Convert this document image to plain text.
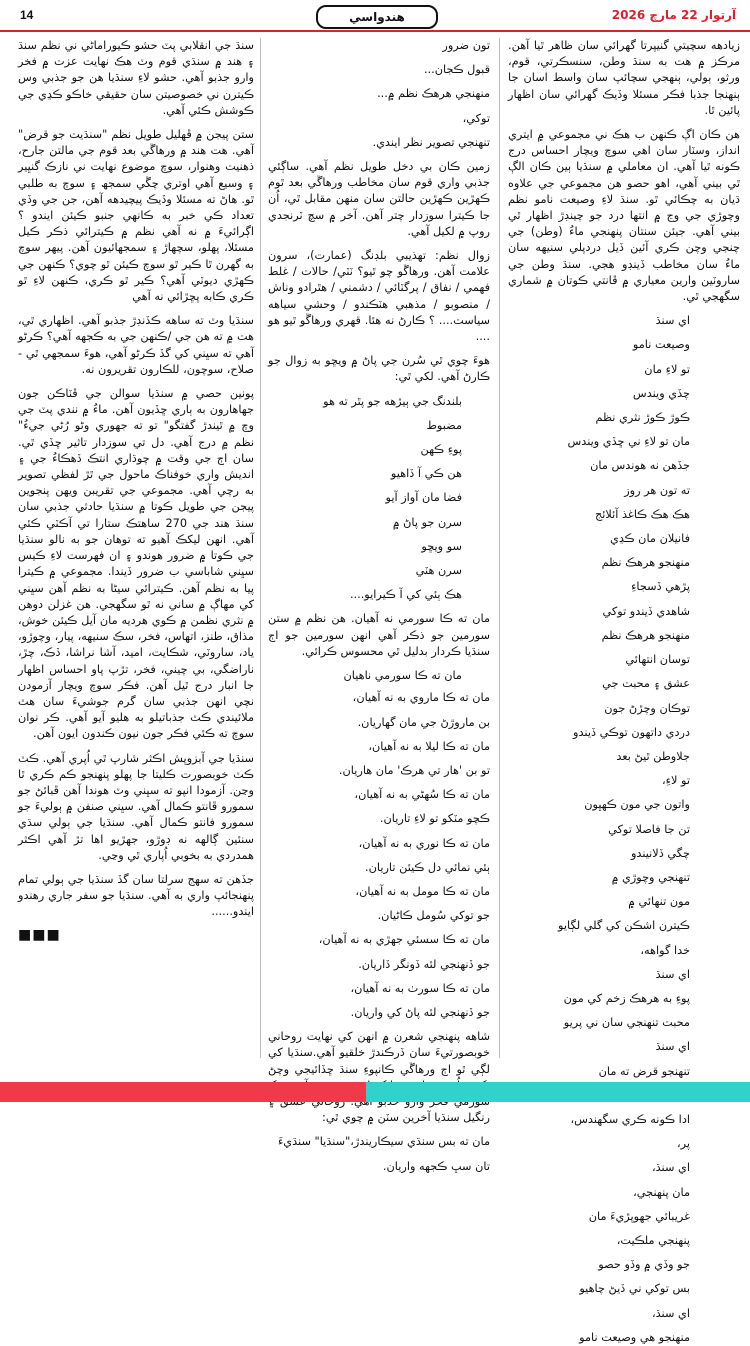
14	هندواسي	آرتوار 22 مارچ 2026

زيادهه سچيتي گنيپرتا گهرائي سان ظاهر ٿيا آهن. مرڪز ۾ هت به سنڌ وطن، سنسڪرتي، قوم، ورثو، ٻولي، ٻنهجي سچائپ سان واسط اسان جا ٻنهنجا جذبا فڪر مسئلا وڏيڪ گهرائي سان اظهار پائين ٿا.

هن ڪان اڳ ڪنهن ب هڪ ني مجموعي ۾ ايتري انداز، وسٽار سان اهي سوچ ويچار احساس درج ڪونه ٿيا آهي. ان معاملي ۾ سنڌيا ٻين ڪان الڳ ٿي بيني آهي، اهو حصو هن مجموعي جي علاوه ڌيان به چڪائي ٿو. سنڌ لاءِ وصيعت نامو نظم وچوڙي جي وڃ ۾ انتها درد جو چينڊڙ اظهار ٿي بيني آهي. جيئن سنتان پنهنجي ماءُ (وطن) جي چنجي وچن ڪري آئين ڏيل دردپلي سنيهه سان ماءُ سان مخاطب ڏينڊو هجي. سنڌ وطن جي ساروٽين وارين معياري ۾ ڦانتي ڪوتان ۾ شماري سگهجي ٿي.

اي سنڌ

وصيعت نامو

تو لاءِ مان

چڏي ويندس

ڪوڙ ڪوڙ نثري نظم

مان تو لاءِ ني ڇڏي ويندس

جڏهن نه هوندس مان

ته تون هر روز

هڪ هڪ ڪاغذ آئلائج

فانيلان مان ڪڍي

منهنجو هرهڪ نظم

پڙهي ڏسجاءِ

شاهدي ڏيندو توکي

منهنجو هرهڪ نظم

توسان انتهائي

عشق ۽ محبت جي

توڪان وچڙڻ جون

دردي داتهون توڪي ڏيندو

جلاوطن ٿيڻ بعد

تو لاءِ،

واتون جي مون ڪهڀون

تن جا فاصلا توکي

چگي ڏلانيندو

تنهنجي وچوڙي ۾

مون تنهائي ۾

ڪيترن اشڪن کي گلي لڳايو

خدا گواهه،

اي سنڌ

پوءِ به هرهڪ زخم کي مون

محبت تنهنجي سان ني پريو

اي سنڌ

تنهنجو قرض ته مان

ادا ڪونه ڪري سگهندس،

پر،

اي سنڌ،

مان پنهنجي،

غريبائي جهوپڙيءَ مان

پنهنجي ملڪيت،

جو وڏي ۾ وڏو حصو

بس توکي ني ڏيڻ چاهيو

اي سنڌ،

منهنجو هي وصيعت نامو

تون ضرور

قبول ڪجان...

منهنجي هرهڪ نظم ۾...

توکي،

تنهنجي تصوير نظر ايندي.

زمين ڪان بي دخل طويل نظم آهي. ساڳئي جذبي واري قوم سان مخاطب ورهاڱي بعد ٿوم ڪهڙين ڪهڙين حالتن سان منهن مقابل ٿي، اُن جا ڪيترا سوزدار چتر آهن. آخر ۾ سچ ٽرنجدي روپ ۾ لکيل آهي.

زوال نظم: تهذيبي بلڊنگ (عمارت)، سرون علامت آهن. ورهاڱو چو ٿيو؟ ٽٽي/ حالات / غلط فهمي / نفاق / پرگٽائي / دشمني / هٿرادو وناش / منصوبو / مذهبي هٽڪندو / وحشي سياهه سياست.... ؟ ڪارڻ نه هئا. قهري ورهاڱو ٿيو هو ....

هوءَ چوي ٿي سُرن جي پاڻ ۾ ويڇو به زوال جو ڪارڻ آهي. لکي ٿي:

بلندنگ جي ٻيڙهه جو پٿر ته هو

مضبوط

پوءِ ڪهن

هن ڪي آ ڏاهيو

فضا مان آواز آيو

سرن جو پاڻ ۾

سو ويڇو

سرن هٽي

هڪ ٻئي کي آ ڪيرايو....

مان ته ڪا سورمي نه آهيان. هن نظم ۾ ستن سورمين جو ذڪر آهي انهن سورمين جو اڄ سنڌيا ڪردار بدليل ٿي محسوس ڪرائي.

مان ته ڪا سورمي ناهيان

مان ته ڪا ماروي به نه آهيان،

بن ماروڙڻ جي مان گهاريان.

مان ته ڪا ليلا به نه آهيان،

تو بن 'هار تي هرڪ' مان هاريان.

مان ته ڪا سُهڻي به نه آهيان،

ڪچو مٽکو تو لاءِ تاريان.

مان ته ڪا نوري به نه آهيان،

ٻئي نمائي دل ڪيئن تاريان.

مان ته ڪا مومل به نه آهيان،

جو توکي سُومل ڪاڻيان.

مان ته ڪا سسئي جهڙي به نه آهيان،

جو ڏنهنجي لئه ڏونگر ڏاريان.

مان ته ڪا سورٺ به نه آهيان،

جو ڏنهنجي لئه پاڻ کي واريان.

شاهه پنهنجي شعرن ۾ انهن کي نهايت روحاني خوبصورتيءَ سان ڏرڪندڙ خلقيو آهي.سنڌيا کي لڳي ٿو اڄ ورهاڱي ڪانپوءِ سنڌ ڇڏائيجي وچڻ رنگيل سنڌيا آخرين سٽن ۾ چوي ٿي:

مان ته بس سنڌي سيڪاريندڙ،"سنڌيا" سنڌيءَ

تان سڀ ڪجهه واريان.

سنڌ جي انقلابي پٽ حشو ڪيوراماڻي ني نظم سنڌ ۽ هند ۾ سنڌي قوم وٽ هڪ نهايت عزت ۾ فخر وارو جذبو آهي. حشو لاءِ سنڌيا هن جو جذبي وس ڪيترن ني خصوصيتن سان حقيقي خاڪو ڪڍي جي ڪوشش ڪئي آهي.

ستن پيجن ۾ ڦهليل طويل نظم "سنڌيت جو قرض" آهي. هت هند ۾ ورهاڱي بعد قوم جي مالتن جارح، ذهنيت وهنوار، سوچ موضوع نهايت ني نازڪ گنڀير ۽ وسيع آهي اوتري چڱي سمجھ ۽ سوچ به طلبي ٿو. هاڻ ته مسئلا وڏيڪ پيچيدهه آهن، جن جي وڏي تعداد ڪي خبر به ڪانهي جنبو ڪيئن ايندو ؟ اڳرائيءَ ۾ نه آهي نظم ۾ ڪيترائي ذڪر ڪيل مسئلا، پهلو، سچهاڙ ۽ سمجهائيون آهن. پيهر سوچ به گهرن ٿا ڪير ٿو سوچ ڪيئن ٿو چوي؟ ڪنهن جي ڪهڙي ديوٽي آهي؟ ڪير ٿو ڪري، ڪنهن لاءِ ٿو ڪري ڪابه پڇڙائي نه آهي

سنڌيا وٽ ته ساهه ڪڏنڊڙ جذبو آهي. اظهاري ٿي، هت ۾ ته هن جي /ڪنهن جي به ڪجهه آهي؟ ڪرڻو آهي ته سڀني کي گڏ ڪرڻو آهي، هوءَ سمجهي ٿي - صلاح، سوچون، للڪارون تقريرون نه.

پونين حصي ۾ سنڌيا سوالن جي ڦٽاڪن جون جهاهارون به ٻاري ڇڏيون آهن. ماءُ ۾ نندي پٽ جي وچ ۾ ٿيندڙ گفتگو" تو ته جهوري وڻو رُڻي جيءُ" نظم ۾ درج آهي. دل تي سوزدار تاثير ڇڏي ٿي. سان اڄ جي وقت ۾ چوڌاري انتڪ ڏهڪاءُ جي ۽ انديش واري خوفناڪ ماحول جي ٿڙ لفظي تصوير به رچي آهي. مجموعي جي تقريبن ويهن پنجوين پيجن جي طويل ڪوتا ۾ سنڌيا حادثي جذبي سان سنڌ هند جي 270 ساهتڪ ستارا تي آڪٽي ڪئي آهي. انهن ليکڪ آهيو ته توهان جو به نالو سنڌيا جي ڪوتا ۾ ضرور هوندو ۽ ان فهرست لاءِ ڪيس سڀني شاباسي ب ضرور ڏيندا. مجموعي ۾ ڪيترا پيا به نظم آهن. ڪيترائي سيڻا به نظم آهن سڀني کي مهاڳ ۾ ساني نه ٿو سگهجي. هن غزلن دوهن ۾ نثري نظمن ۾ ڪوي هرديه مان آيل ڪيئن خوش، مذاق، طنز، اتهاس، فخر، سڪ سنيهه، پيار، وچوڙو، ياد، ساروٽي، شڪايت، اميد، آشا نراشا، ڏڪ، چڙ، ناراضگي، بي چيني، فخر، تڙپ پاو احساس اظهار جا انبار درج ٿيل آهن. فڪر سوچ ويچار آزمودن نچي انهن جذبي سان گرم جوشيءَ سان هٽ ملائيندي ڪٽ جذباتيلو به هليو آيو آهي. ڪر نوان سوچ ته ڪئي فڪر جون نيون ڪندون ايون آهن.

سنڌيا جي آبزوپش اڪثر شارپ ٿي اُپري آهي. ڪٽ ڪٽ خوبصورت ڪليتا جا پهلو پنهنجو ڪم ڪري ٿا وڃن. آزمودا انپو ته سڀني وٽ هوندا آهن ڦبائڻ جو سمورو ڦانتو ڪمال آهي. سڀني صنفن ۾ ٻوليءَ جو سمورو فانتو ڪمال آهي. سنڌيا جي ٻولي سڌي سنئين ڳالهه نه ڊوڙو، جهڙيو اها تڙ آهي اڪثر همدردي به بخوبي اُپاري ٿي وڃي.

جڏهن ته سهج سرلتا سان گڏ سنڌيا جي ٻولي تمام پنهنجائپ واري به آهي. سنڌيا جو سفر جاري رهندو ايندو......

■■■
